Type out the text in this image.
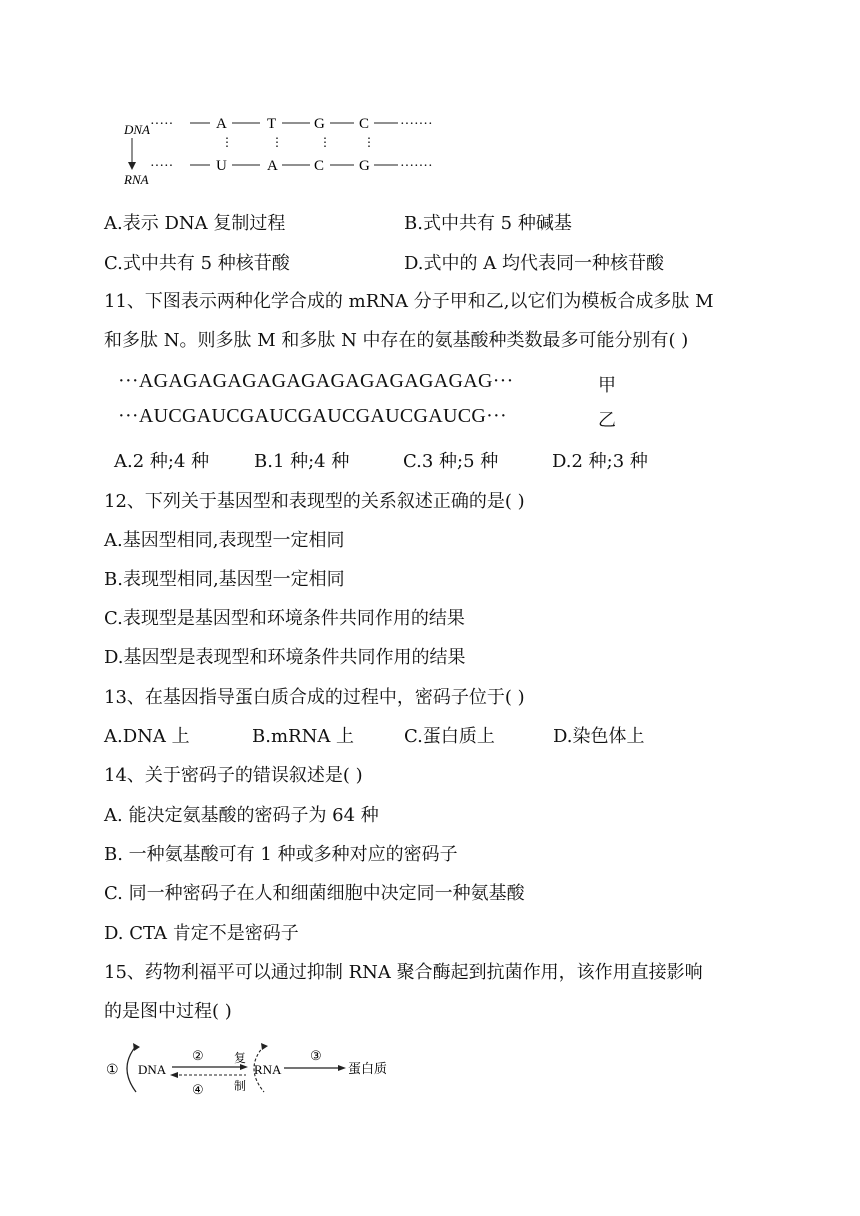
DNA ·····	A	T	G C ·······
⋮	⋮	⋮	⋮
RNA
·····	U	A C G ·······
A.表示 DNA 复制过程	B.式中共有 5 种碱基
C.式中共有 5 种核苷酸	D.式中的 A 均代表同一种核苷酸
11、下图表示两种化学合成的 mRNA 分子甲和乙,以它们为模板合成多肽 M
和多肽 N。则多肽 M 和多肽 N 中存在的氨基酸种类数最多可能分别有( )
···AGAGAGAGAGAGAGAGAGAGAGAG···	甲
···AUCGAUCGAUCGAUCGAUCGAUCG···	乙
A.2 种;4 种 B.1 种;4 种	C.3 种;5 种	D.2 种;3 种
12、下列关于基因型和表现型的关系叙述正确的是( )
A.基因型相同,表现型一定相同
B.表现型相同,基因型一定相同
C.表现型是基因型和环境条件共同作用的结果
D.基因型是表现型和环境条件共同作用的结果
13、在基因指导蛋白质合成的过程中，密码子位于( )
A.DNA 上	B.mRNA 上	C.蛋白质上	D.染色体上
14、关于密码子的错误叙述是( )
A. 能决定氨基酸的密码子为 64 种
B. 一种氨基酸可有 1 种或多种对应的密码子
C. 同一种密码子在人和细菌细胞中决定同一种氨基酸
D. CTA 肯定不是密码子
15、药物利福平可以通过抑制 RNA 聚合酶起到抗菌作用，该作用直接影响
的是图中过程( )
① DNA
②
④
复
制
RNA
③
蛋白质
